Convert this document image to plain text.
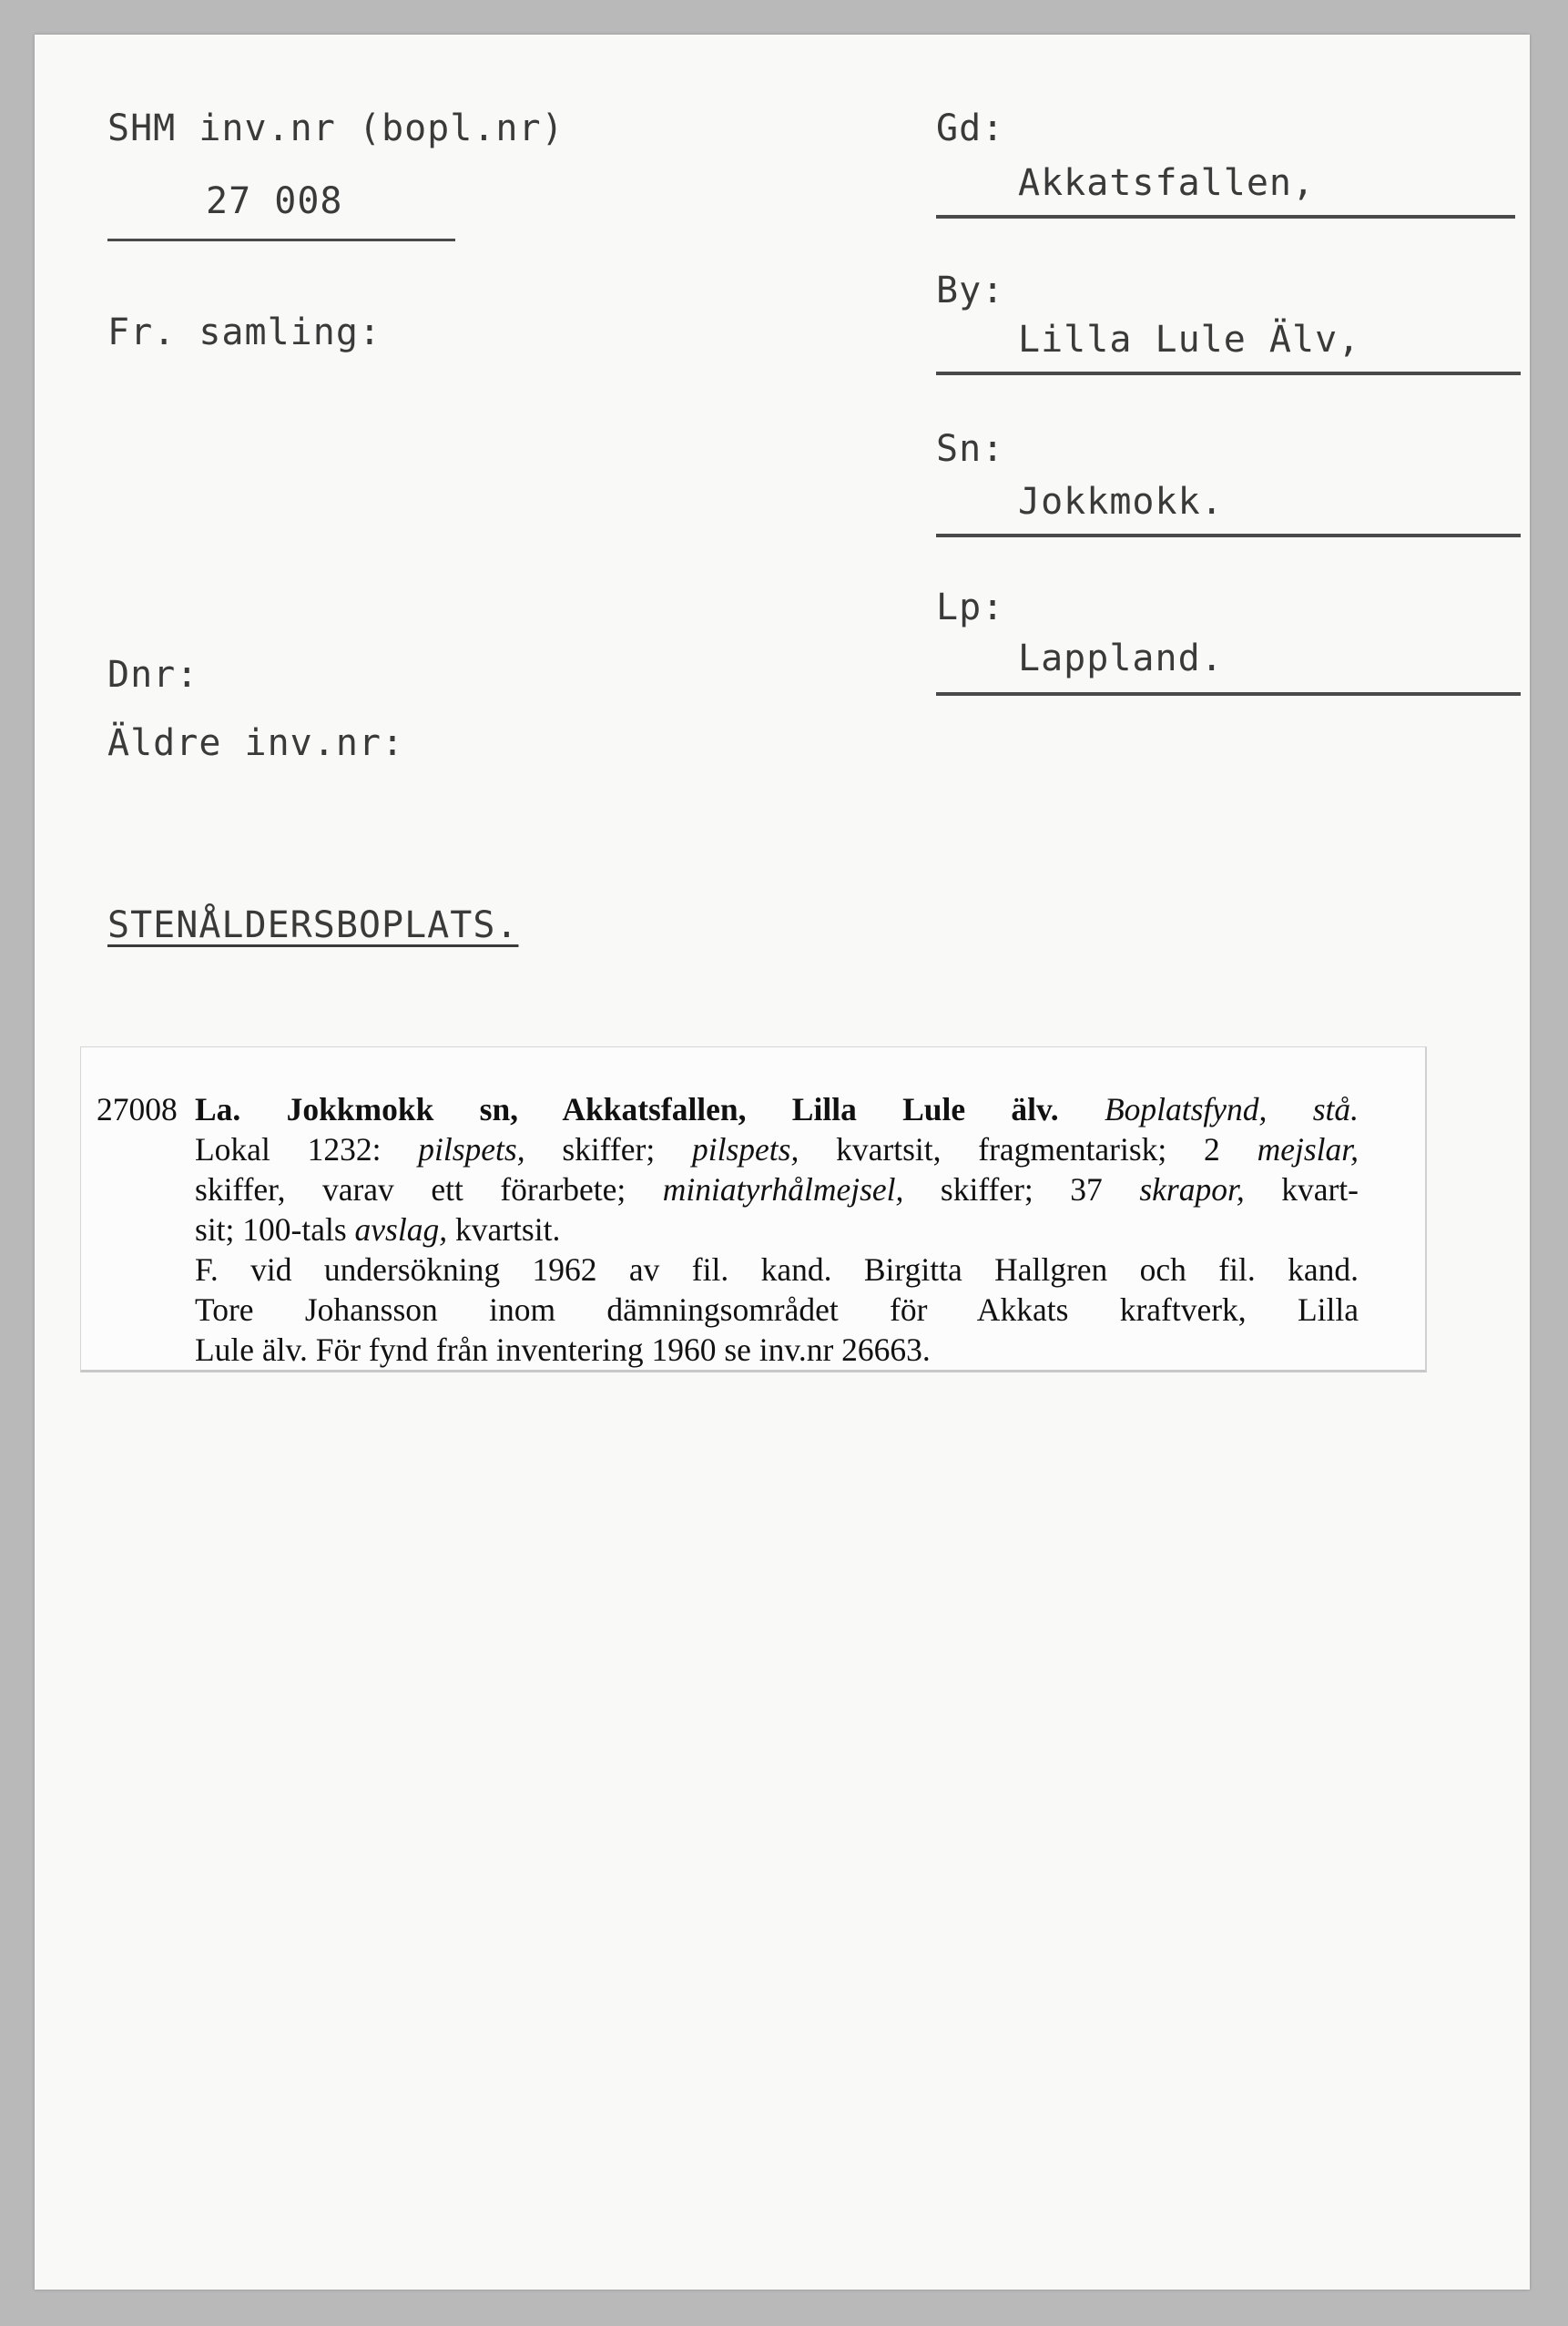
SHM inv.nr (bopl.nr)
27 008
Fr. samling:
Dnr:
Äldre inv.nr:
STENÅLDERSBOPLATS.
Gd:
Akkatsfallen,
By:
Lilla Lule Älv,
Sn:
Jokkmokk.
Lp:
Lappland.
27008 La. Jokkmokk sn, Akkatsfallen, Lilla Lule älv. Boplatsfynd, stå.
Lokal 1232: pilspets, skiffer; pilspets, kvartsit, fragmentarisk; 2 mejslar,
skiffer, varav ett förarbete; miniatyrhålmejsel, skiffer; 37 skrapor, kvart-
sit; 100-tals avslag, kvartsit.
F. vid undersökning 1962 av fil. kand. Birgitta Hallgren och fil. kand.
Tore Johansson inom dämningsområdet för Akkats kraftverk, Lilla
Lule älv. För fynd från inventering 1960 se inv.nr 26663.
